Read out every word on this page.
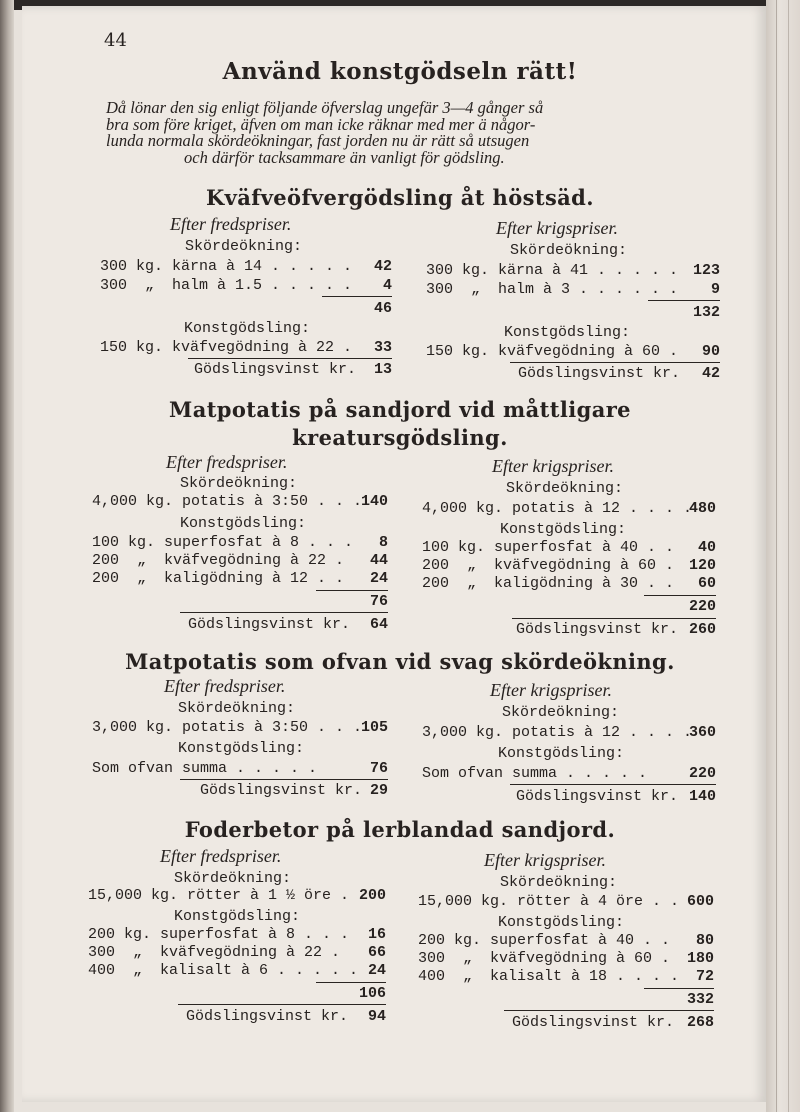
44
Använd konstgödseln rätt!
Då lönar den sig enligt följande öfverslag ungefär 3—4 gånger så
bra som före kriget, äfven om man icke räknar med mer ä någor-
lunda normala skördeökningar, fast jorden nu är rätt så utsugen
och därför tacksammare än vanligt för gödsling.
Kväfveöfvergödsling åt höstsäd.
Efter fredspriser.
Skördeökning:
300 kg. kärna à 14 . . . . . 42
300  „  halm à 1.5 . . . . . 4
46
Konstgödsling:
150 kg. kväfvegödning à 22 . 33
Gödslingsvinst kr. 13
Efter krigspriser.
Skördeökning:
300 kg. kärna à 41 . . . . . 123
300  „  halm à 3 . . . . . . 9
132
Konstgödsling:
150 kg. kväfvegödning à 60 . 90
Gödslingsvinst kr. 42
Matpotatis på sandjord vid måttligare
kreatursgödsling.
Efter fredspriser.
Skördeökning:
4,000 kg. potatis à 3:50 . . .
140
Konstgödsling:
100 kg. superfosfat à 8 . . . 8
200  „  kväfvegödning à 22 . 44
200  „  kaligödning à 12 . . 24
76
Gödslingsvinst kr. 64
Efter krigspriser.
Skördeökning:
4,000 kg. potatis à 12 . . . .
480
Konstgödsling:
100 kg. superfosfat à 40 . . 40
200  „  kväfvegödning à 60 . 120
200  „  kaligödning à 30 . . 60
220
Gödslingsvinst kr. 260
Matpotatis som ofvan vid svag skördeökning.
Efter fredspriser.
Skördeökning:
3,000 kg. potatis à 3:50 . . .
105
Konstgödsling:
Som ofvan summa . . . . .	76
Gödslingsvinst kr. 29
Efter krigspriser.
Skördeökning:
3,000 kg. potatis à 12 . . . .
360
Konstgödsling:
Som ofvan summa . . . . .	220
Gödslingsvinst kr. 140
Foderbetor på lerblandad sandjord.
Efter fredspriser.
Skördeökning:
15,000 kg. rötter à 1 ½ öre . 200
Konstgödsling:
200 kg. superfosfat à 8 . . . 16
300  „  kväfvegödning à 22 . 66
400  „  kalisalt à 6 . . . . . 24
106
Gödslingsvinst kr. 94
Efter krigspriser.
Skördeökning:
15,000 kg. rötter à 4 öre . . 600
Konstgödsling:
200 kg. superfosfat à 40 . . 80
300  „  kväfvegödning à 60 . 180
400  „  kalisalt à 18 . . . . 72
332
Gödslingsvinst kr. 268
